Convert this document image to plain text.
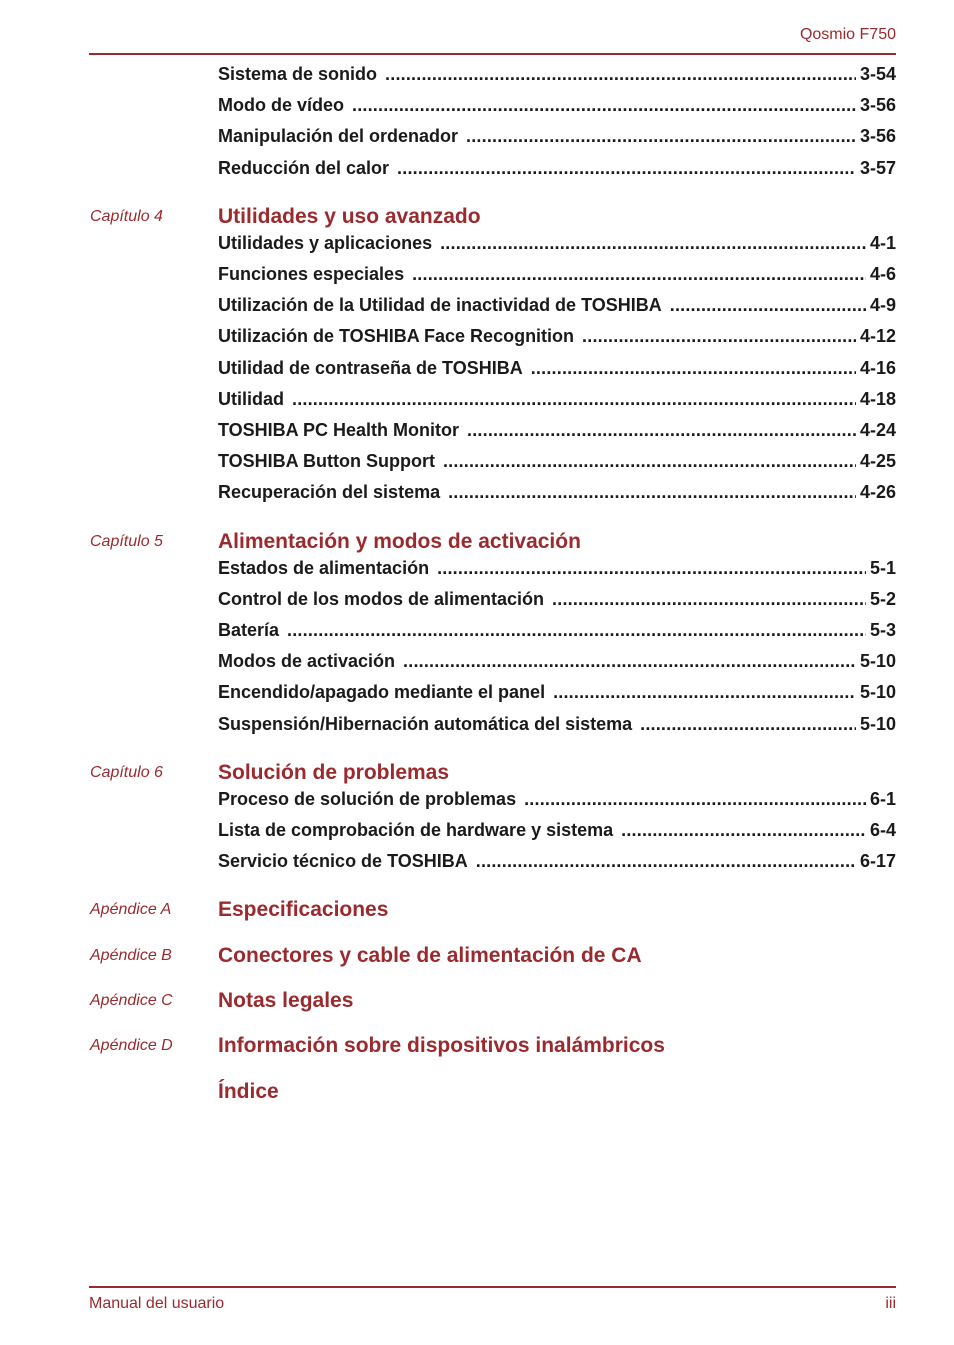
Qosmio F750
Sistema de sonido . . .	3-54
Modo de vídeo . . .	3-56
Manipulación del ordenador . . .	3-56
Reducción del calor . . .	3-57
Capítulo 4	Utilidades y uso avanzado
Utilidades y aplicaciones . . .	4-1
Funciones especiales . . .	4-6
Utilización de la Utilidad de inactividad de TOSHIBA . . .	4-9
Utilización de TOSHIBA Face Recognition . . .	4-12
Utilidad de contraseña de TOSHIBA . . .	4-16
Utilidad . . .	4-18
TOSHIBA PC Health Monitor . . .	4-24
TOSHIBA Button Support . . .	4-25
Recuperación del sistema . . .	4-26
Capítulo 5	Alimentación y modos de activación
Estados de alimentación . . .	5-1
Control de los modos de alimentación . . .	5-2
Batería . . .	5-3
Modos de activación . . .	5-10
Encendido/apagado mediante el panel . . .	5-10
Suspensión/Hibernación automática del sistema . . .	5-10
Capítulo 6	Solución de problemas
Proceso de solución de problemas . . .	6-1
Lista de comprobación de hardware y sistema . . .	6-4
Servicio técnico de TOSHIBA . . .	6-17
Apéndice A Especificaciones
Apéndice B Conectores y cable de alimentación de CA
Apéndice C Notas legales
Apéndice D Información sobre dispositivos inalámbricos
Índice
Manual del usuario	iii
